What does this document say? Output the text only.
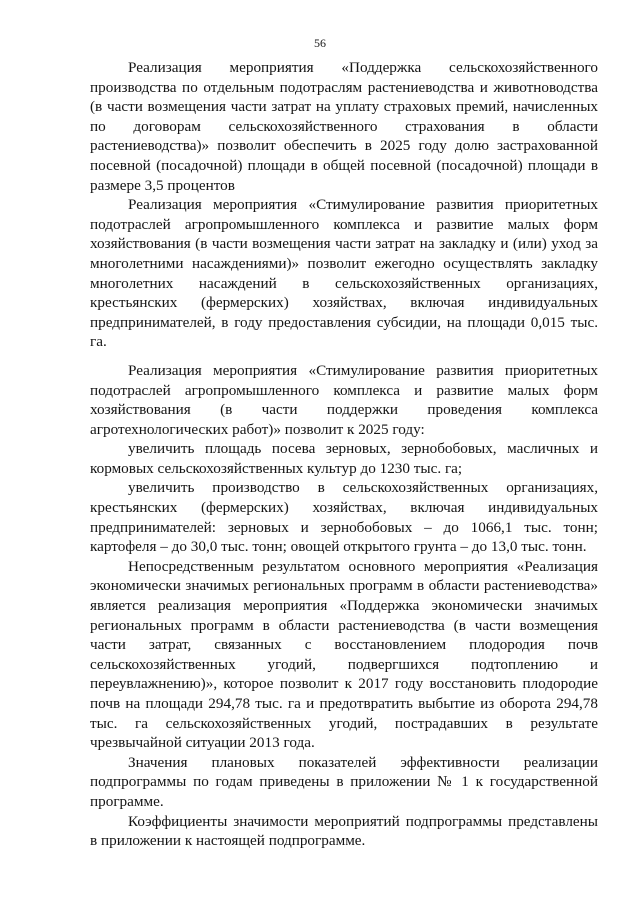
56

Реализация мероприятия «Поддержка сельскохозяйственного производства по отдельным подотраслям растениеводства и животноводства (в части возмещения части затрат на уплату страховых премий, начисленных по договорам сельскохозяйственного страхования в области растениеводства)» позволит обеспечить в 2025 году долю застрахованной посевной (посадочной) площади в общей посевной (посадочной) площади в размере 3,5 процентов

Реализация мероприятия «Стимулирование развития приоритетных подотраслей агропромышленного комплекса и развитие малых форм хозяйствования (в части возмещения части затрат на закладку и (или) уход за многолетними насаждениями)» позволит ежегодно осуществлять закладку многолетних насаждений в сельскохозяйственных организациях, крестьянских (фермерских) хозяйствах, включая индивидуальных предпринимателей, в году предоставления субсидии, на площади 0,015 тыс. га.

Реализация мероприятия «Стимулирование развития приоритетных подотраслей агропромышленного комплекса и развитие малых форм хозяйствования (в части поддержки проведения комплекса агротехнологических работ)» позволит к 2025 году:

увеличить площадь посева зерновых, зернобобовых, масличных и кормовых сельскохозяйственных культур до 1230 тыс. га;

увеличить производство в сельскохозяйственных организациях, крестьянских (фермерских) хозяйствах, включая индивидуальных предпринимателей: зерновых и зернобобовых – до 1066,1 тыс. тонн; картофеля – до 30,0 тыс. тонн; овощей открытого грунта – до 13,0 тыс. тонн.

Непосредственным результатом основного мероприятия «Реализация экономически значимых региональных программ в области растениеводства» является реализация мероприятия «Поддержка экономически значимых региональных программ в области растениеводства (в части возмещения части затрат, связанных с восстановлением плодородия почв сельскохозяйственных угодий, подвергшихся подтоплению и переувлажнению)», которое позволит к 2017 году восстановить плодородие почв на площади 294,78 тыс. га и предотвратить выбытие из оборота 294,78 тыс. га сельскохозяйственных угодий, пострадавших в результате чрезвычайной ситуации 2013 года.

Значения плановых показателей эффективности реализации подпрограммы по годам приведены в приложении № 1 к государственной программе.

Коэффициенты значимости мероприятий подпрограммы представлены в приложении к настоящей подпрограмме.
